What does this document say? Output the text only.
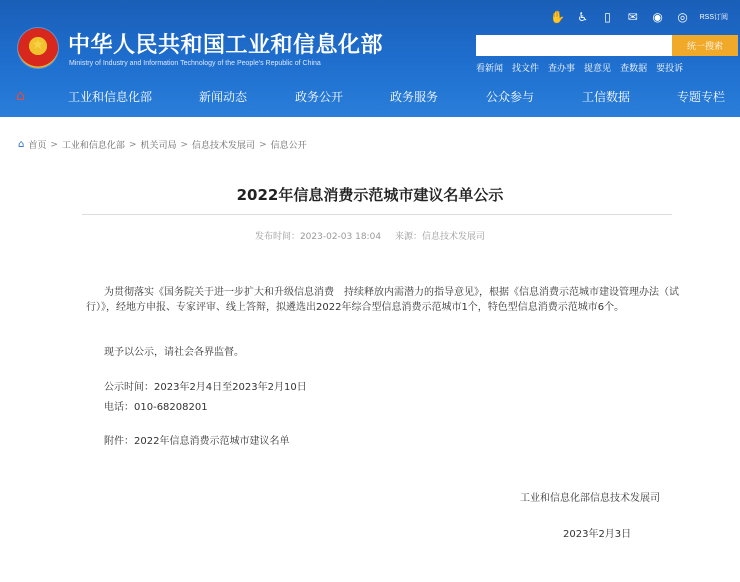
★
中华人民共和国工业和信息化部
Ministry of Industry and Information Technology of the People's Republic of China
✋ ♿	▯	✉ ◉ ◎	RSS订阅
统一搜索
看新闻 找文件 查办事 提意见 查数据 要投诉
⌂	工业和信息化部	新闻动态	政务公开	政务服务	公众参与	工信数据	专题专栏
⌂ 首页 > 工业和信息化部 > 机关司局 > 信息技术发展司 > 信息公开
2022年信息消费示范城市建议名单公示
发布时间：2023-02-03 18:04 来源：信息技术发展司

为贯彻落实《国务院关于进一步扩大和升级信息消费　持续释放内需潜力的指导意见》，根据《信息消费示范城市建设管理办法（试行）》，经地方申报、专家评审、线上答辩，拟遴选出2022年综合型信息消费示范城市1个，特色型信息消费示范城市6个。

现予以公示，请社会各界监督。
公示时间：2023年2月4日至2023年2月10日
电话：010-68208201
附件：2022年信息消费示范城市建议名单
工业和信息化部信息技术发展司
2023年2月3日
